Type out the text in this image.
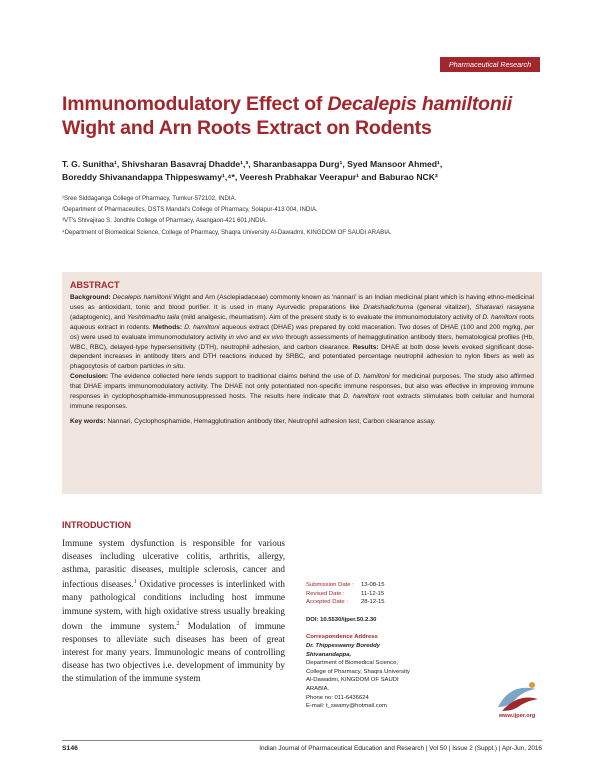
Pharmaceutical Research
Immunomodulatory Effect of Decalepis hamiltonii
Wight and Arn Roots Extract on Rodents
T. G. Sunitha¹, Shivsharan Basavraj Dhadde¹,³, Sharanbasappa Durg¹, Syed Mansoor Ahmed¹,
Boreddy Shivanandappa Thippeswamy¹,⁴*, Veeresh Prabhakar Veerapur¹ and Baburao NCK²
¹Sree Siddaganga College of Pharmacy, Tumkur-572102, INDIA.
²Department of Pharmaceutics, DSTS Mandal's College of Pharmacy, Solapur-413 004, INDIA.
³VT's Shivajirao S. Jondhle College of Pharmacy, Asangaon-421 601,INDIA.
⁴Department of Biomedical Science, College of Pharmacy, Shaqra University Al-Dawadmi, KINGDOM OF SAUDI ARABIA.
ABSTRACT

Background: Decalepis hamiltonii Wight and Arn (Asclepiadaceae) commonly known as 'nannari' is an Indian medicinal plant which is having ethno-medicinal uses as antioxidant, tonic and blood purifier. It is used in many Ayurvedic preparations like Drakshadichurna (general vitalizer), Shatavari rasayana (adaptogenic), and Yeshtimadhu taila (mild analgesic, rheumatism). Aim of the present study is to evaluate the immunomodulatory activity of D. hamiltoni roots aqueous extract in rodents. Methods: D. hamiltoni aqueous extract (DHAE) was prepared by cold maceration. Two doses of DHAE (100 and 200 mg/kg, per os) were used to evaluate immunomodulatory activity in vivo and ex vivo through assessments of hemagglutination antibody titers, hematological profiles (Hb, WBC, RBC), delayed-type hypersensitivity (DTH), neutrophil adhesion, and carbon clearance. Results: DHAE at both dose levels evoked significant dose-dependent increases in antibody titers and DTH reactions induced by SRBC, and potentiated percentage neutrophil adhesion to nylon fibers as well as phagocytosis of carbon particles in situ.
Conclusion: The evidence collected here lends support to traditional claims behind the use of D. hamiltoni for medicinal purposes. The study also affirmed that DHAE imparts immunomodulatory activity. The DHAE not only potentiated non-specific immune responses, but also was effective in improving immune responses in cyclophosphamide-immunosuppressed hosts. The results here indicate that D. hamiltoni root extracts stimulates both cellular and humoral immune responses.

Key words: Nannari, Cyclophosphamide, Hemagglutination antibody titer, Neutrophil adhesion test, Carbon clearance assay.

INTRODUCTION
Immune system dysfunction is responsible for various diseases including ulcerative colitis, arthritis, allergy, asthma, parasitic diseases, multiple sclerosis, cancer and infectious diseases.$^1$ Oxidative processes is interlinked with many pathological conditions including host immune immune system, with high oxidative stress usually breaking down the immune system.$^2$ Modulation of immune responses to alleviate such diseases has been of great interest for many years. Immunologic means of controlling disease has two objectives i.e. development of immunity by the stimulation of the immune system
Submission Date :	13-08-15
Revised Date :	11-12-15
Accepted Date :	28-12-15
DOI: 10.5530/ijper.50.2.30
Correspondence Address
Dr. Thippeswamy Boreddy
Shivanandappa,
Department of Biomedical Science,
College of Pharmacy, Shaqra University
Al-Dawadmi, KINGDOM OF SAUDI
ARABIA.
Phone no: 011-6436624
E-mail: t_swamy@hotmail.com
www.ijper.org
S146	Indian Journal of Pharmaceutical Education and Research | Vol 50 | Issue 2 (Suppl.) | Apr-Jun, 2016
